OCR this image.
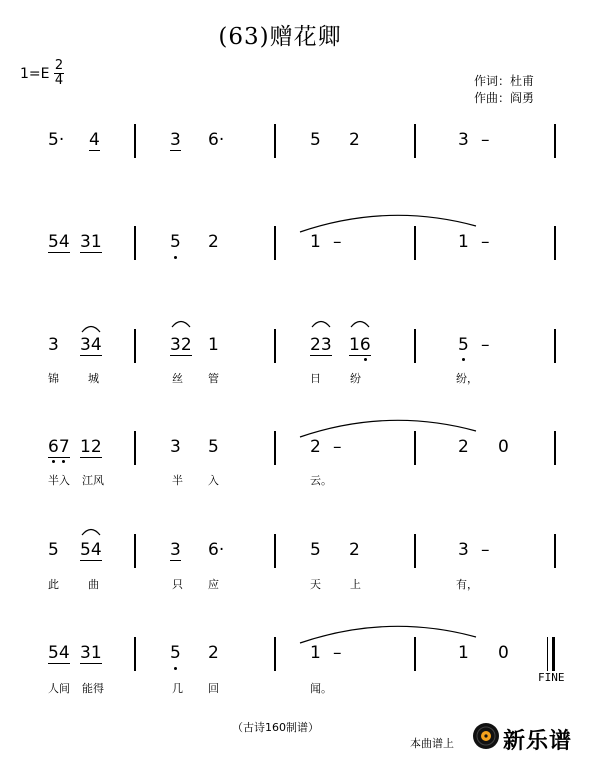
(63)赠花卿
1=E
2
4	作词：杜甫
作曲：阎勇
5· 4	3 6·	5 2	3 –
54 31	5 2	1 –	1 –
3 34	32 1	23 16	5 –
锦	城	丝 管	日	纷	纷，
67 12	3 5	2 –	2 0
半入 江风	半 入	云。
5 54	3 6·	5 2	3 –
此	曲	只 应	天	上	有，
54 31	5 2	1 –	1 0
FINE
人间 能得	几 回	闻。
（古诗160制谱）
本曲谱上 新乐谱
